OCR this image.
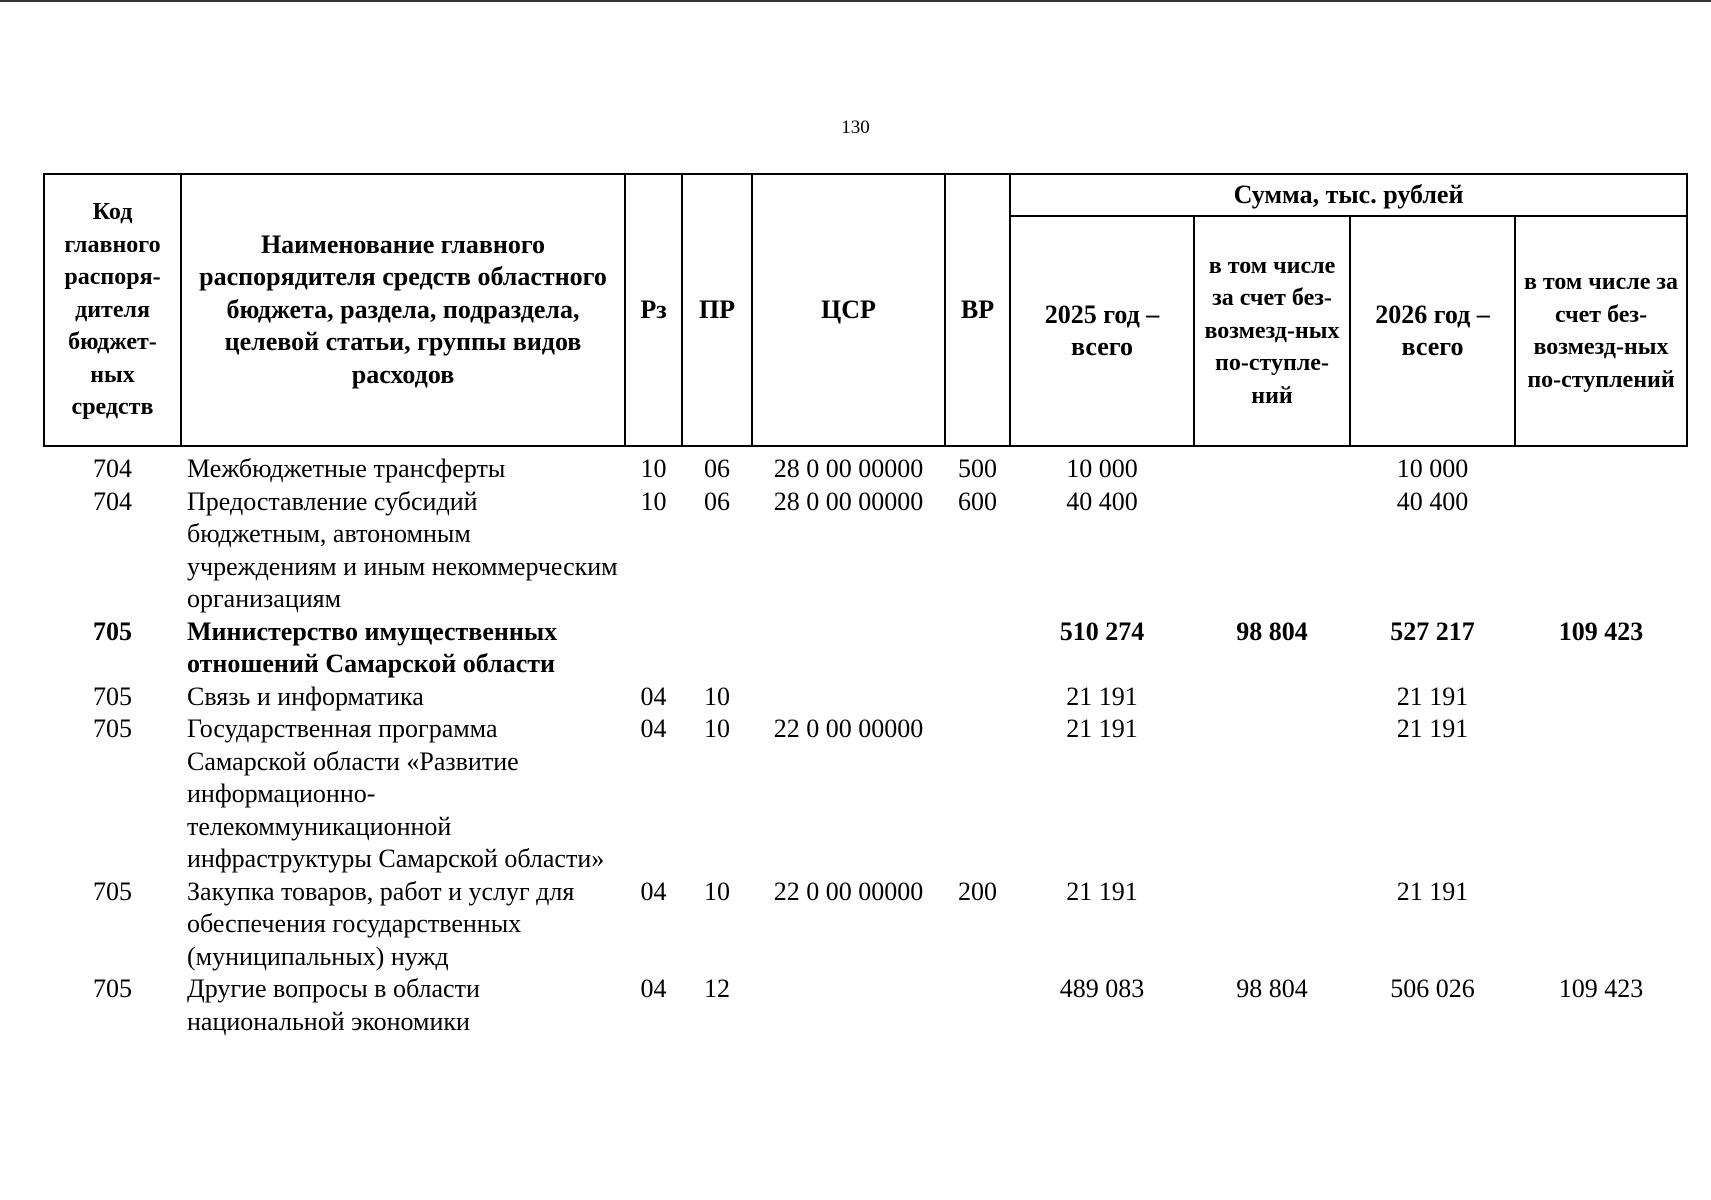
130
Код главного распоря-дителя бюджет-ных средств	Наименование главного распорядителя средств областного бюджета, раздела, подраздела, целевой статьи, группы видов расходов	Рз	ПР	ЦСР	ВР	Сумма, тыс. рублей			
						2025 год – всего	в том числе за счет без-возмезд-ных по-ступле-ний	2026 год – всего	в том числе за счет без-возмезд-ных по-ступлений

704	Межбюджетные трансферты	10	06	28 0 00 00000	500	10 000		10 000	
704	Предоставление субсидий бюджетным, автономным учреждениям и иным некоммерческим организациям	10	06	28 0 00 00000	600	40 400		40 400	
705	Министерство имущественных отношений Самарской области					510 274	98 804	527 217	109 423
705	Связь и информатика	04	10			21 191		21 191	
705	Государственная программа Самарской области «Развитие информационно-телекоммуникационной инфраструктуры Самарской области»	04	10	22 0 00 00000		21 191		21 191	
705	Закупка товаров, работ и услуг для обеспечения государственных (муниципальных) нужд	04	10	22 0 00 00000	200	21 191		21 191	
705	Другие вопросы в области национальной экономики	04	12			489 083	98 804	506 026	109 423
